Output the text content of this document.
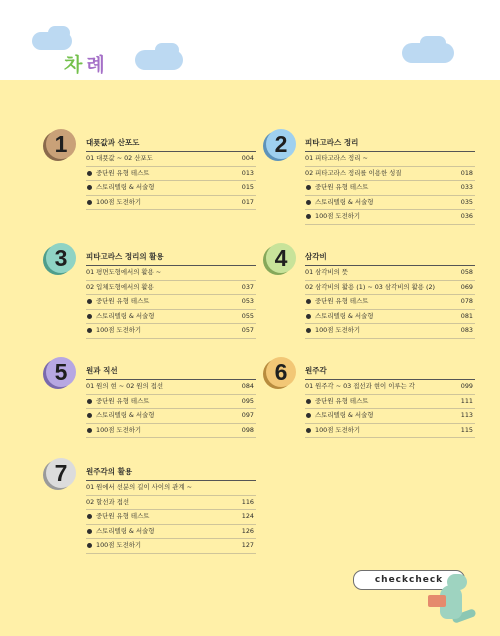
차례
1	대푯값과 산포도
01 대푯값 ~ 02 산포도	004
중단원 유형 테스트	013
스토리텔링 & 서술형	015
100점 도전하기	017
2	피타고라스 정리
01 피타고라스 정리 ~
02 피타고라스 정리를 이용한 성질	018
중단원 유형 테스트	033
스토리텔링 & 서술형	035
100점 도전하기	036
3	피타고라스 정리의 활용
01 평면도형에서의 활용 ~
02 입체도형에서의 활용	037
중단원 유형 테스트	053
스토리텔링 & 서술형	055
100점 도전하기	057
4	삼각비
01 삼각비의 뜻	058
02 삼각비의 활용 (1) ~ 03 삼각비의 활용 (2)	069
중단원 유형 테스트	078
스토리텔링 & 서술형	081
100점 도전하기	083
5	원과 직선
01 원의 현 ~ 02 원의 접선	084
중단원 유형 테스트	095
스토리텔링 & 서술형	097
100점 도전하기	098
6	원주각
01 원주각 ~ 03 접선과 현이 이루는 각	099
중단원 유형 테스트	111
스토리텔링 & 서술형	113
100점 도전하기	115
7	원주각의 활용
01 원에서 선분의 길이 사이의 관계 ~
02 할선과 접선	116
중단원 유형 테스트	124
스토리텔링 & 서술형	126
100점 도전하기	127
checkcheck
